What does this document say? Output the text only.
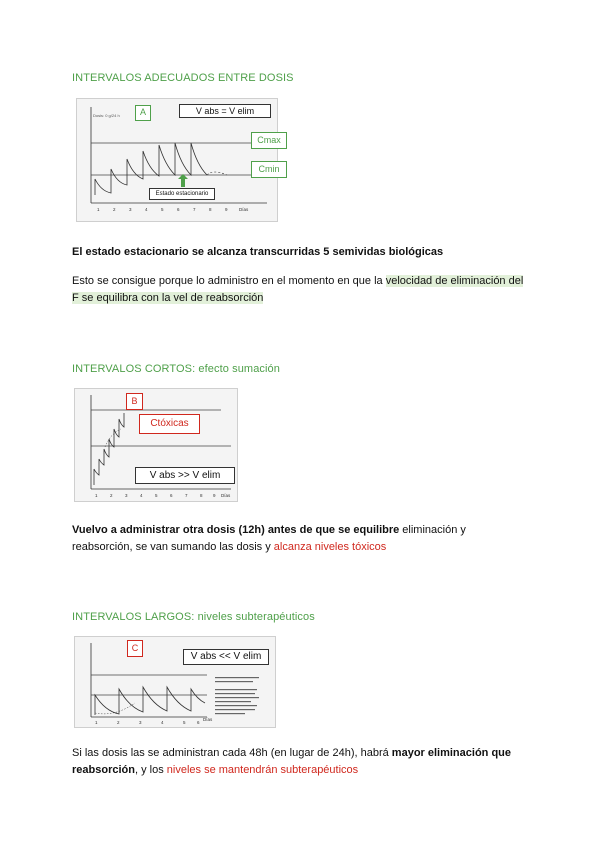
INTERVALOS ADECUADOS ENTRE DOSIS
Dosis: 0 g/24 h
1	2	3	4	5	6	7	8	9	Días
A	V abs = V elim
Cmax
Cmin
Estado estacionario
El estado estacionario se alcanza transcurridas 5 semividas biológicas
Esto se consigue porque lo administro en el momento en que la velocidad de eliminación del
F se equilibra con la vel de reabsorción
INTERVALOS CORTOS: efecto sumación
1	2	3	4	5	6	7	8 9 Días
B
Ctóxicas
V abs >> V elim
Vuelvo a administrar otra dosis (12h) antes de que se equilibre eliminación y
reabsorción, se van sumando las dosis y alcanza niveles tóxicos
INTERVALOS LARGOS: niveles subterapéuticos
1	2	3	4	5	6
Días
C
V abs << V elim
Si las dosis las se administran cada 48h (en lugar de 24h), habrá mayor eliminación que
reabsorción, y los niveles se mantendrán subterapéuticos
